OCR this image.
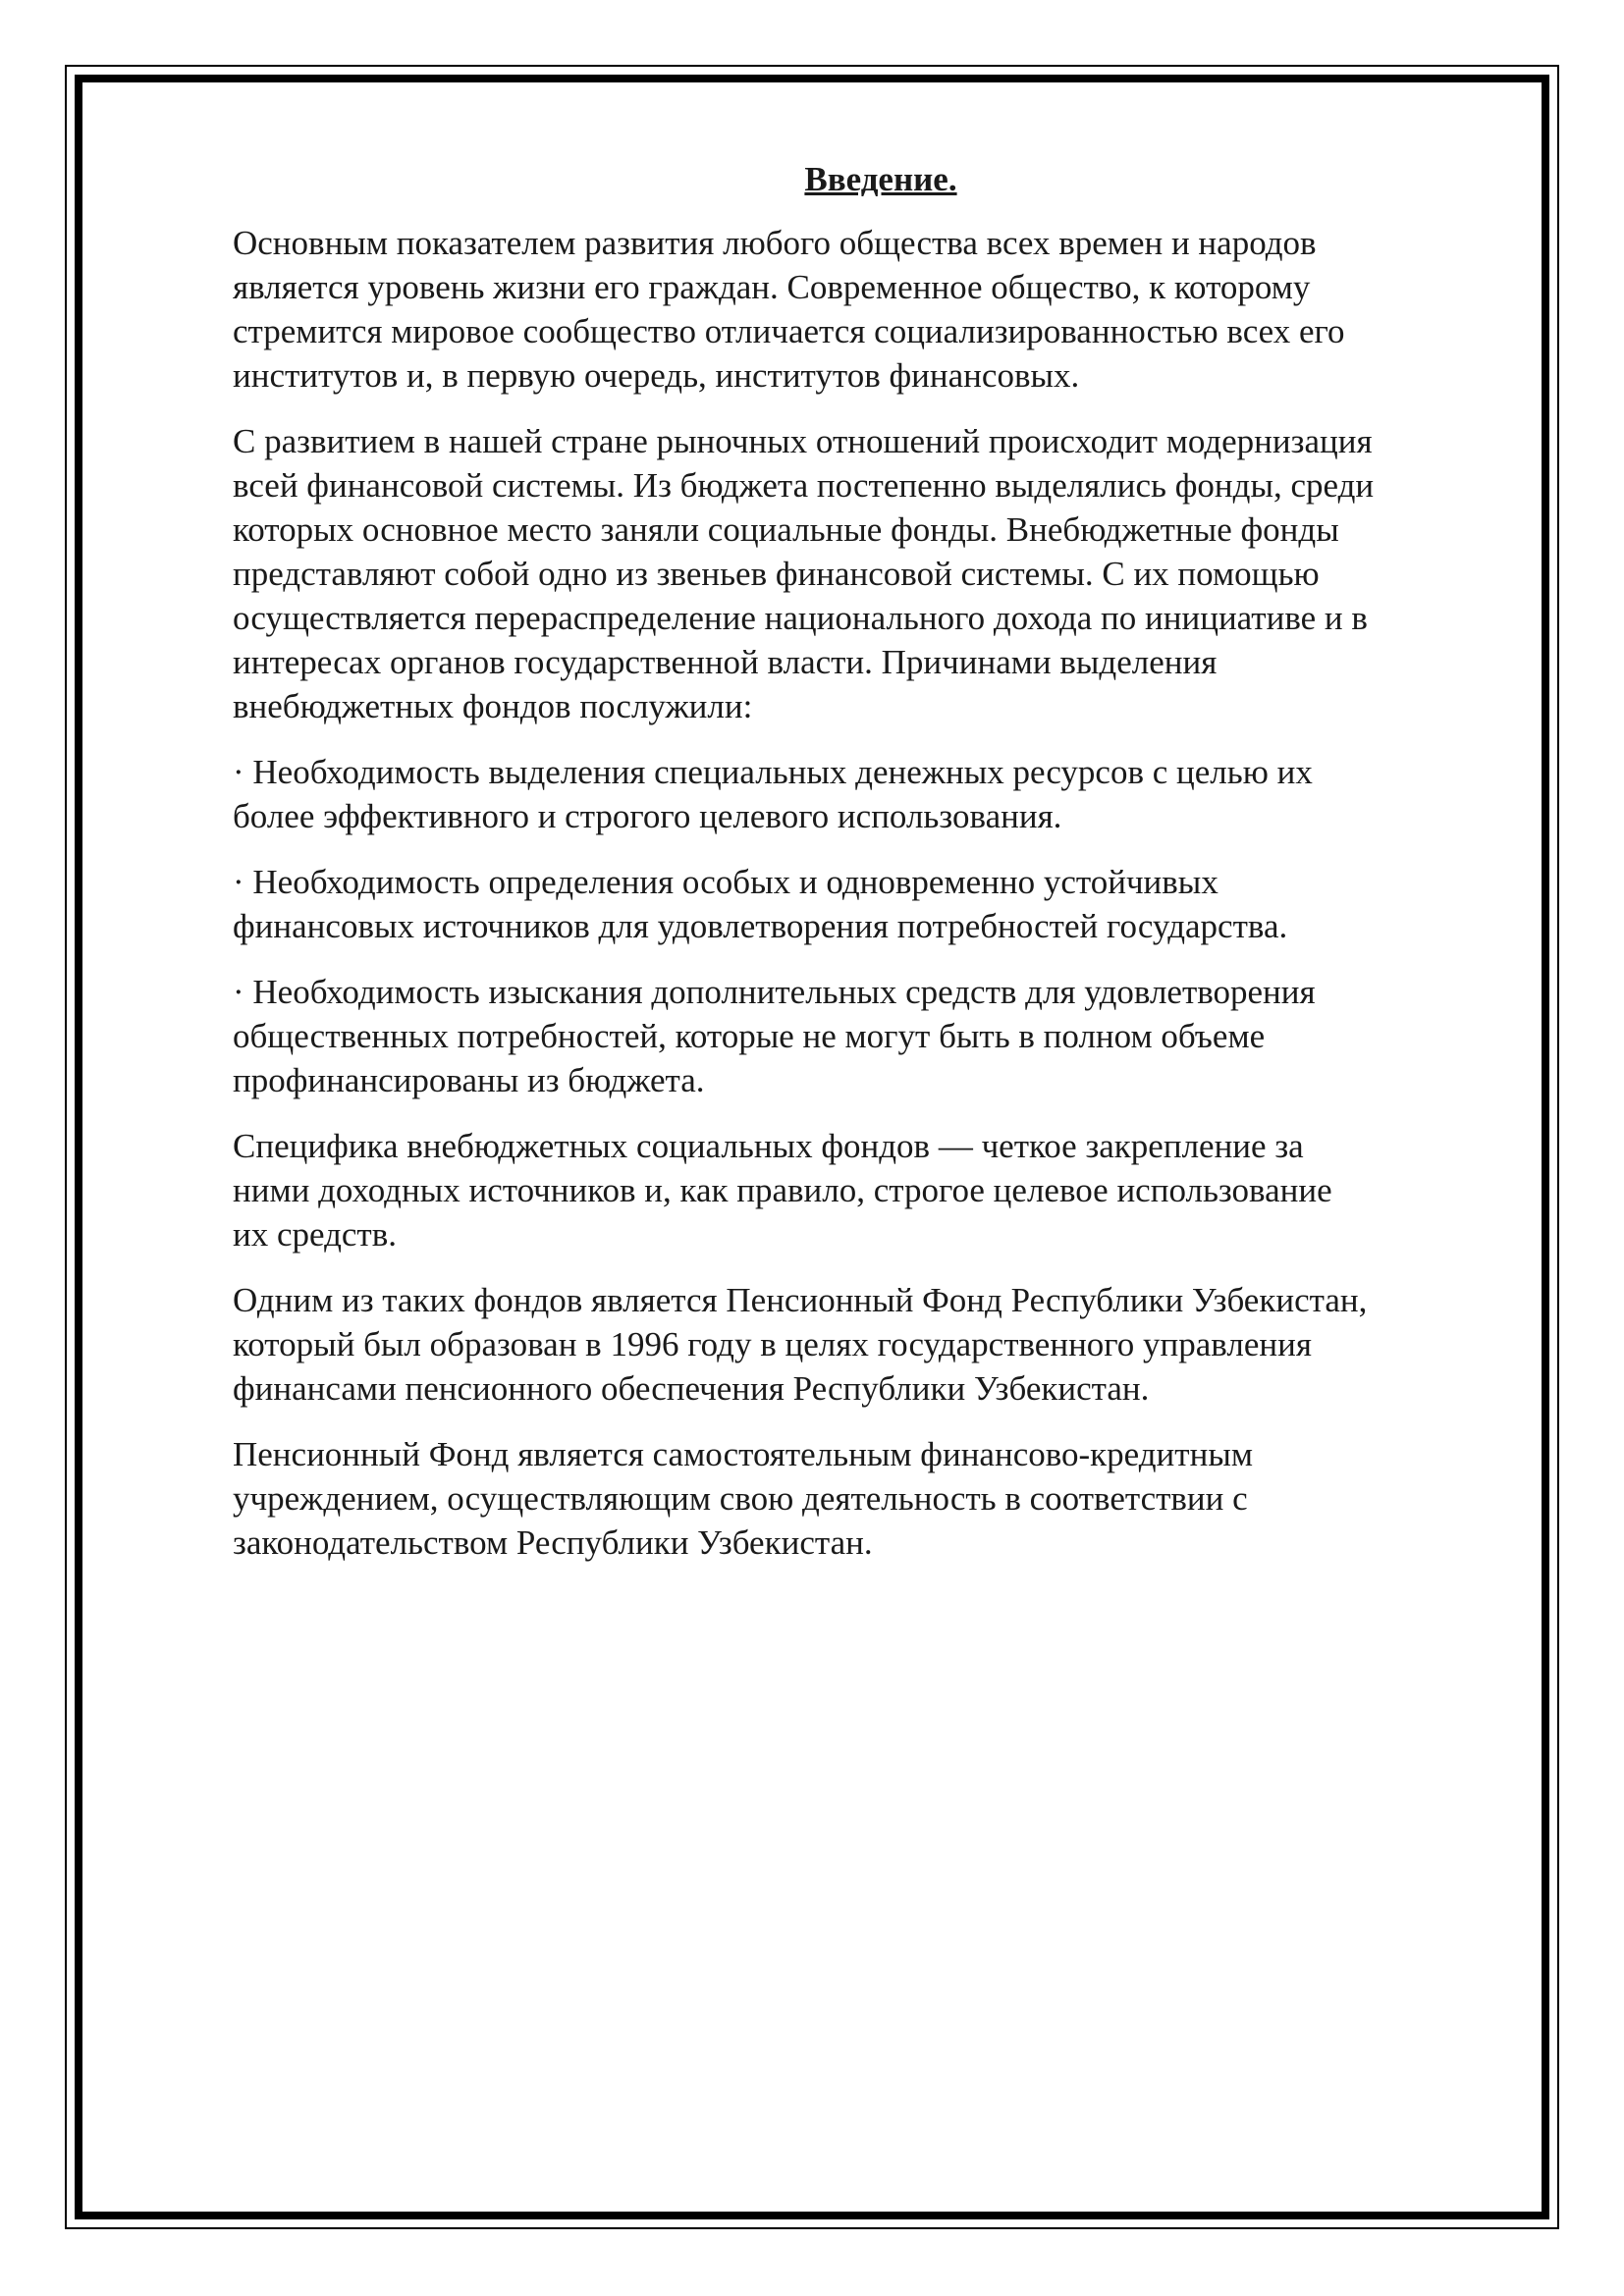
Введение.
Основным показателем развития любого общества всех времен и народов
является уровень жизни его граждан. Современное общество, к которому
стремится мировое сообщество отличается социализированностью всех его
институтов и, в первую очередь, институтов финансовых.
С развитием в нашей стране рыночных отношений происходит модернизация
всей финансовой системы. Из бюджета постепенно выделялись фонды, среди
которых основное место заняли социальные фонды. Внебюджетные фонды
представляют собой одно из звеньев финансовой системы. С их помощью
осуществляется перераспределение национального дохода по инициативе и в
интересах органов государственной власти. Причинами выделения
внебюджетных фондов послужили:
· Необходимость выделения специальных денежных ресурсов с целью их
более эффективного и строгого целевого использования.
· Необходимость определения особых и одновременно устойчивых
финансовых источников для удовлетворения потребностей государства.
· Необходимость изыскания дополнительных средств для удовлетворения
общественных потребностей, которые не могут быть в полном объеме
профинансированы из бюджета.
Специфика внебюджетных социальных фондов — четкое закрепление за
ними доходных источников и, как правило, строгое целевое использование
их средств.
Одним из таких фондов является Пенсионный Фонд Республики Узбекистан,
который был образован в 1996 году в целях государственного управления
финансами пенсионного обеспечения Республики Узбекистан.
Пенсионный Фонд является самостоятельным финансово-кредитным
учреждением, осуществляющим свою деятельность в соответствии с
законодательством Республики Узбекистан.
